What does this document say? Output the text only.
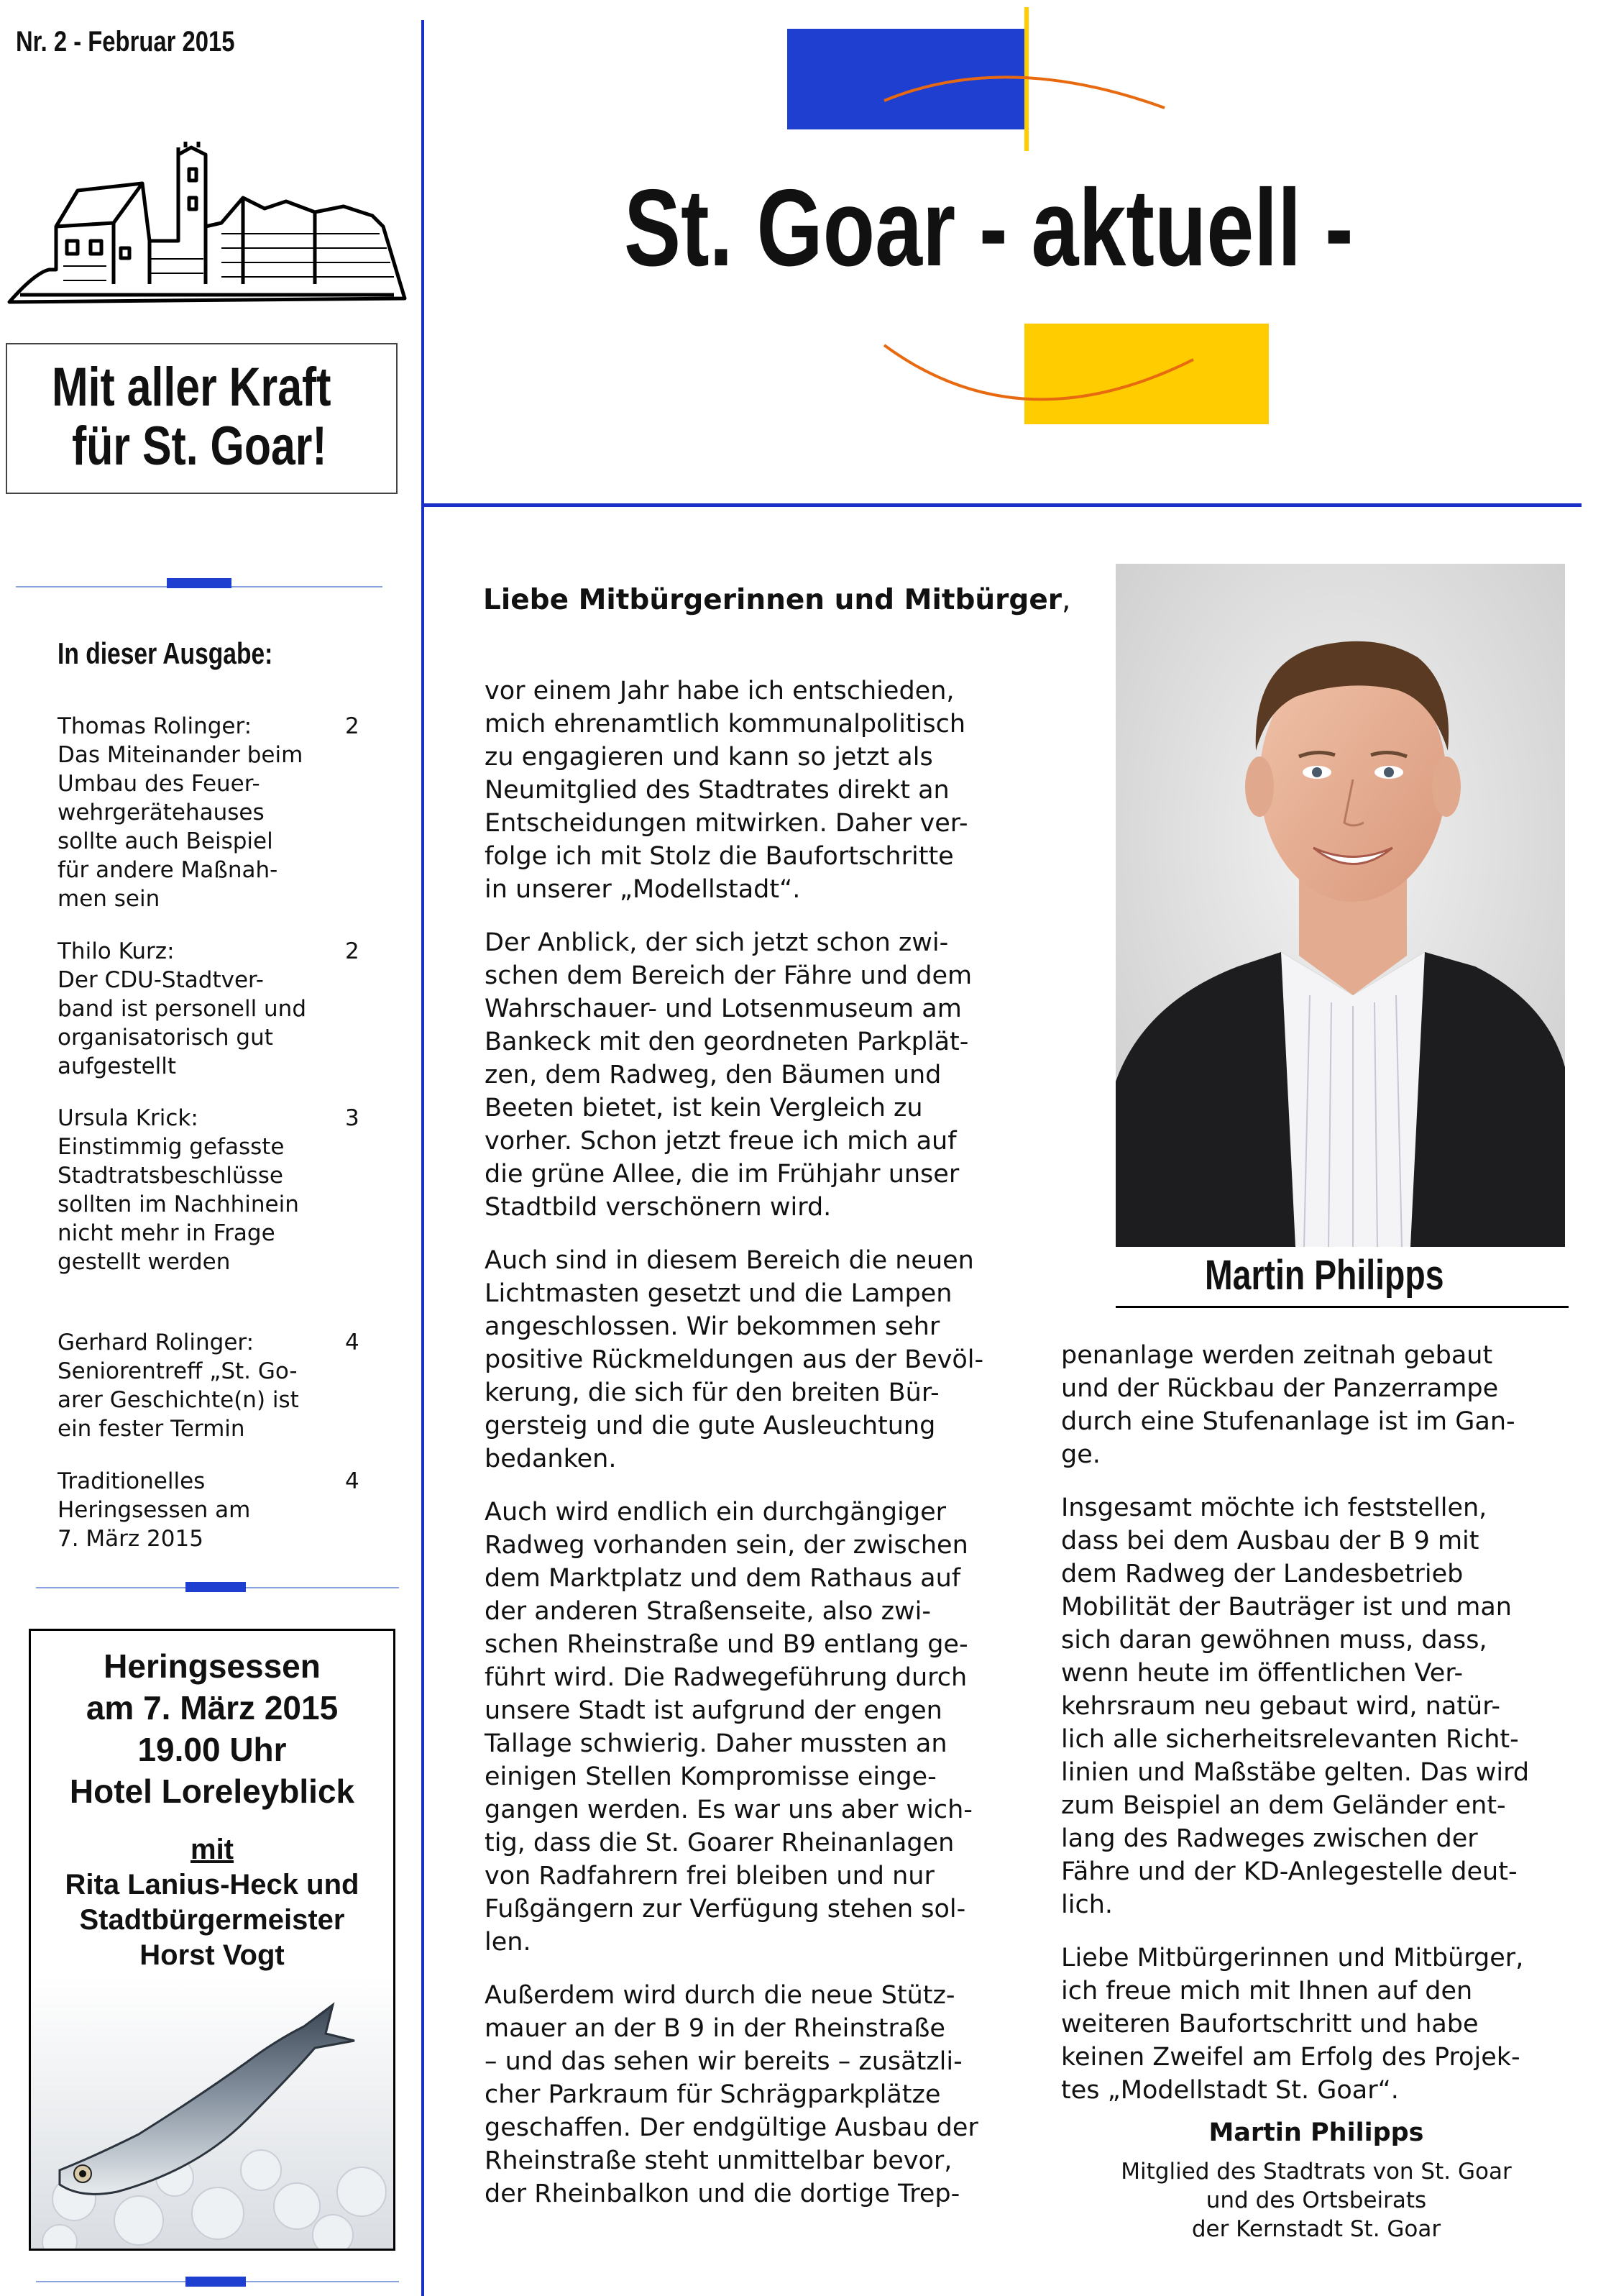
Nr. 2 - Februar 2015
St. Goar - aktuell -
Mit aller Kraft
für St. Goar!
In dieser Ausgabe:
Thomas Rolinger:
Das Miteinander beim
Umbau des Feuer-
wehrgerätehauses
sollte auch Beispiel
für andere Maßnah-
men sein
2
Thilo Kurz:
Der CDU-Stadtver-
band ist personell und
organisatorisch gut
aufgestellt
2
Ursula Krick:
Einstimmig gefasste
Stadtratsbeschlüsse
sollten im Nachhinein
nicht mehr in Frage
gestellt werden
3
Gerhard Rolinger:
Seniorentreff „St. Go-
arer Geschichte(n) ist
ein fester Termin
4
Traditionelles
Heringsessen am
7. März 2015
4
Heringsessen
am 7. März 2015
19.00 Uhr
Hotel Loreleyblick
mit
Rita Lanius-Heck und
Stadtbürgermeister
Horst Vogt
Liebe Mitbürgerinnen und Mitbürger,

vor einem Jahr habe ich entschieden,
mich ehrenamtlich kommunalpolitisch
zu engagieren und kann so jetzt als
Neumitglied des Stadtrates direkt an
Entscheidungen mitwirken. Daher ver-
folge ich mit Stolz die Baufortschritte
in unserer „Modellstadt“.

Der Anblick, der sich jetzt schon zwi-
schen dem Bereich der Fähre und dem
Wahrschauer- und Lotsenmuseum am
Bankeck mit den geordneten Parkplät-
zen, dem Radweg, den Bäumen und
Beeten bietet, ist kein Vergleich zu
vorher. Schon jetzt freue ich mich auf
die grüne Allee, die im Frühjahr unser
Stadtbild verschönern wird.

Auch sind in diesem Bereich die neuen
Lichtmasten gesetzt und die Lampen
angeschlossen. Wir bekommen sehr
positive Rückmeldungen aus der Bevöl-
kerung, die sich für den breiten Bür-
gersteig und die gute Ausleuchtung
bedanken.

Auch wird endlich ein durchgängiger
Radweg vorhanden sein, der zwischen
dem Marktplatz und dem Rathaus auf
der anderen Straßenseite, also zwi-
schen Rheinstraße und B9 entlang ge-
führt wird. Die Radwegeführung durch
unsere Stadt ist aufgrund der engen
Tallage schwierig. Daher mussten an
einigen Stellen Kompromisse einge-
gangen werden. Es war uns aber wich-
tig, dass die St. Goarer Rheinanlagen
von Radfahrern frei bleiben und nur
Fußgängern zur Verfügung stehen sol-
len.

Außerdem wird durch die neue Stütz-
mauer an der B 9 in der Rheinstraße
– und das sehen wir bereits – zusätzli-
cher Parkraum für Schrägparkplätze
geschaffen. Der endgültige Ausbau der
Rheinstraße steht unmittelbar bevor,
der Rheinbalkon und die dortige Trep-

Martin Philipps

penanlage werden zeitnah gebaut
und der Rückbau der Panzerrampe
durch eine Stufenanlage ist im Gan-
ge.

Insgesamt möchte ich feststellen,
dass bei dem Ausbau der B 9 mit
dem Radweg der Landesbetrieb
Mobilität der Bauträger ist und man
sich daran gewöhnen muss, dass,
wenn heute im öffentlichen Ver-
kehrsraum neu gebaut wird, natür-
lich alle sicherheitsrelevanten Richt-
linien und Maßstäbe gelten. Das wird
zum Beispiel an dem Geländer ent-
lang des Radweges zwischen der
Fähre und der KD-Anlegestelle deut-
lich.

Liebe Mitbürgerinnen und Mitbürger,
ich freue mich mit Ihnen auf den
weiteren Baufortschritt und habe
keinen Zweifel am Erfolg des Projek-
tes „Modellstadt St. Goar“.

Martin Philipps
Mitglied des Stadtrats von St. Goar
und des Ortsbeirats
der Kernstadt St. Goar
